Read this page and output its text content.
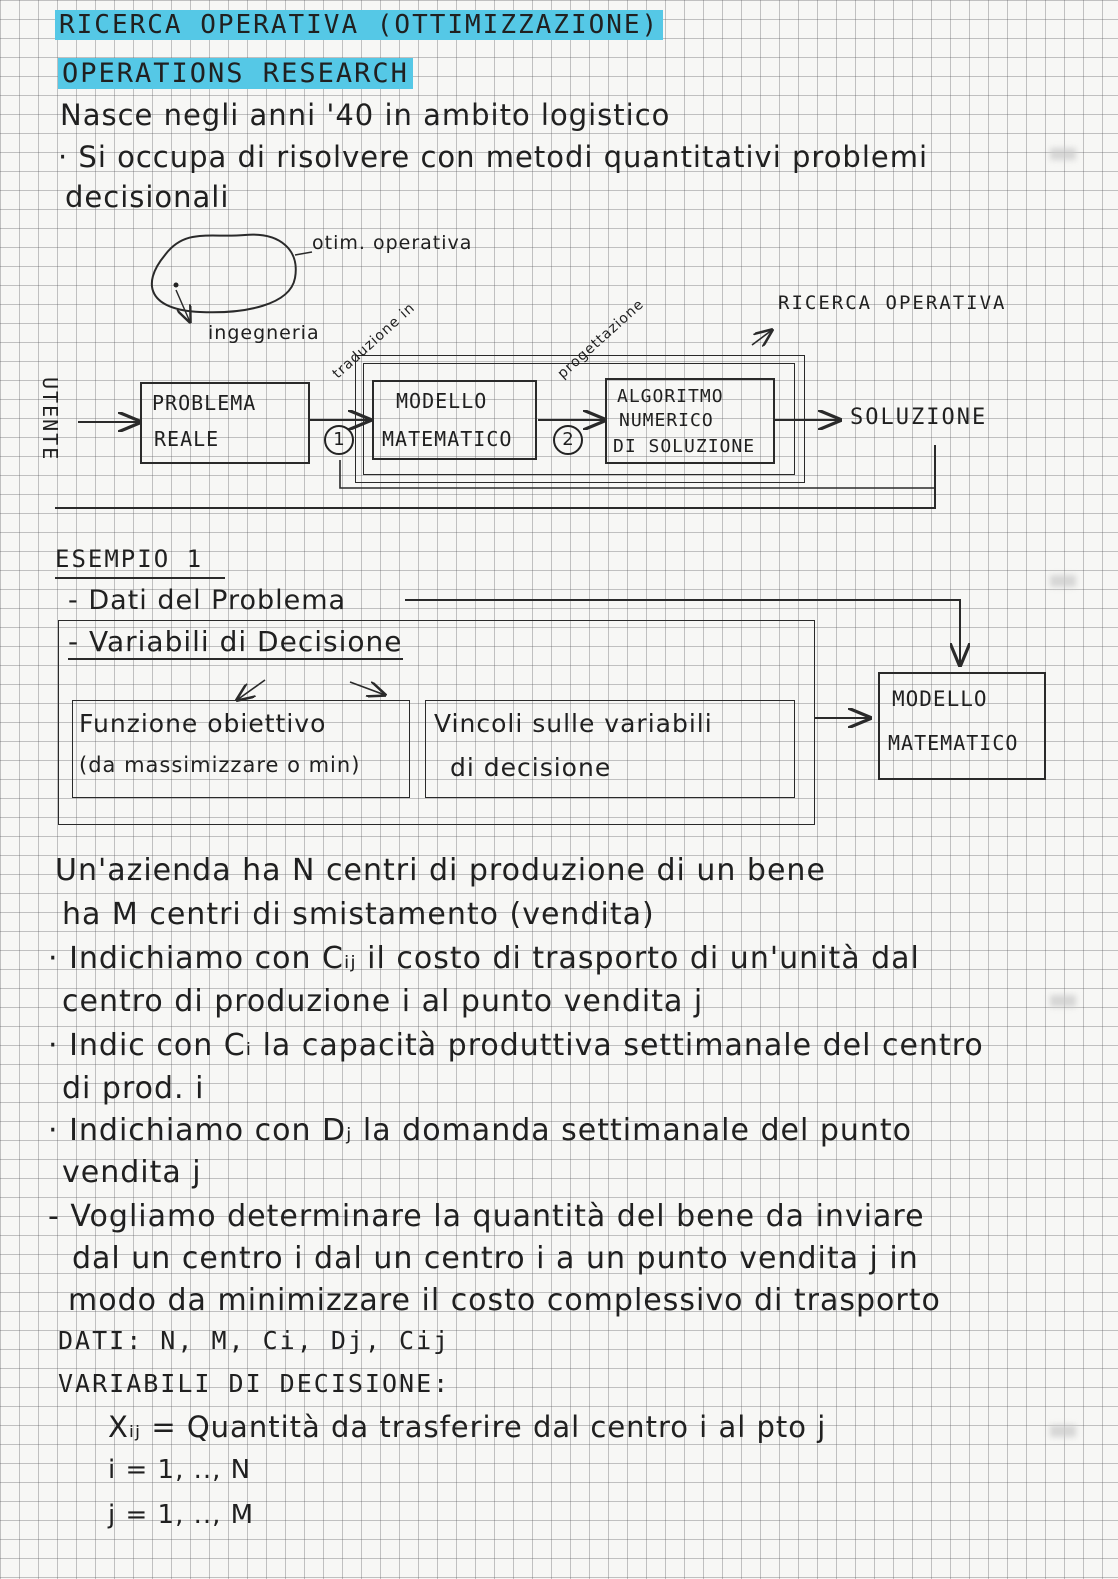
RICERCA OPERATIVA (OTTIMIZZAZIONE)
OPERATIONS RESEARCH
Nasce negli anni '40 in ambito logistico
· Si occupa di risolvere con metodi quantitativi problemi
decisionali
otim. operativa
ingegneria
RICERCA OPERATIVA
UTENTE	PROBLEMA
REALE
MODELLO
MATEMATICO
ALGORITMO
NUMERICO
DI SOLUZIONE
SOLUZIONE
traduzione in	progettazione
1	2
ESEMPIO 1
- Dati del Problema
- Variabili di Decisione
Funzione obiettivo
(da massimizzare o min)
Vincoli sulle variabili
di decisione
MODELLO
MATEMATICO
Un'azienda ha N centri di produzione di un bene
ha M centri di smistamento (vendita)
· Indichiamo con Cᵢⱼ il costo di trasporto di un'unità dal
centro di produzione i al punto vendita j
· Indic con Cᵢ la capacità produttiva settimanale del centro
di prod. i
· Indichiamo con Dⱼ la domanda settimanale del punto
vendita j
- Vogliamo determinare la quantità del bene da inviare
dal un centro i dal un centro i a un punto vendita j in
modo da minimizzare il costo complessivo di trasporto
DATI: N, M, Ci, Dj, Cij
VARIABILI DI DECISIONE:
Xᵢⱼ = Quantità da trasferire dal centro i al pto j
i = 1, .., N
j = 1, .., M
